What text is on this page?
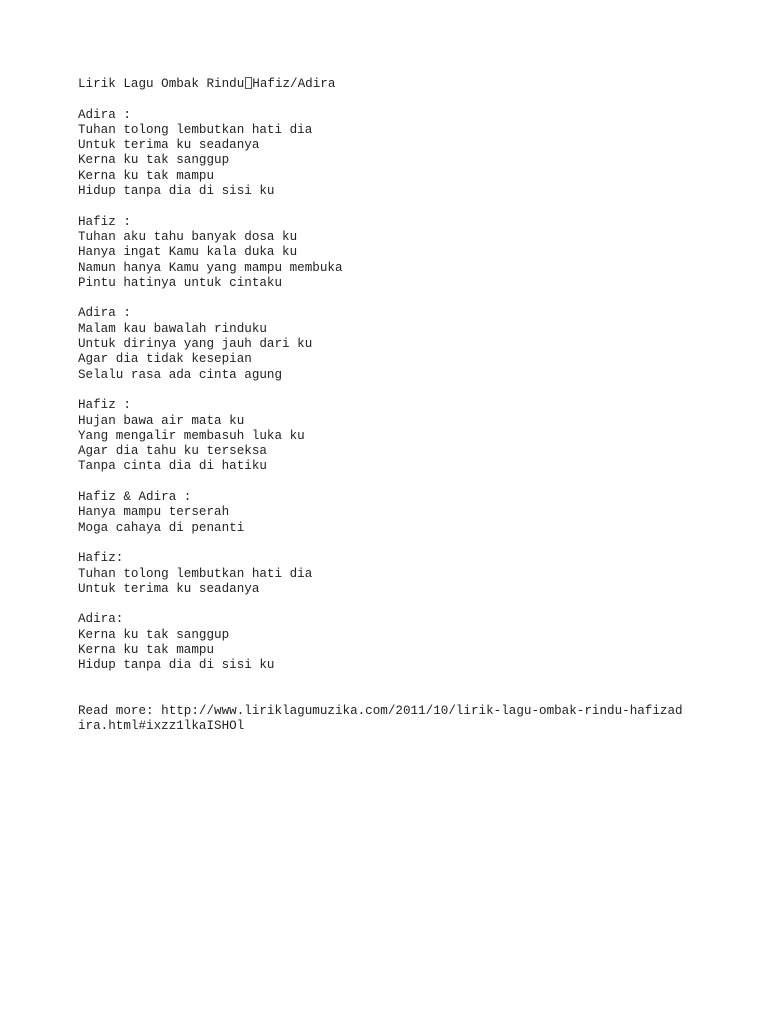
Lirik Lagu Ombak Rindu Hafiz/Adira
Adira :
Tuhan tolong lembutkan hati dia
Untuk terima ku seadanya
Kerna ku tak sanggup
Kerna ku tak mampu
Hidup tanpa dia di sisi ku
Hafiz :
Tuhan aku tahu banyak dosa ku
Hanya ingat Kamu kala duka ku
Namun hanya Kamu yang mampu membuka
Pintu hatinya untuk cintaku
Adira :
Malam kau bawalah rinduku
Untuk dirinya yang jauh dari ku
Agar dia tidak kesepian
Selalu rasa ada cinta agung
Hafiz :
Hujan bawa air mata ku
Yang mengalir membasuh luka ku
Agar dia tahu ku terseksa
Tanpa cinta dia di hatiku
Hafiz & Adira :
Hanya mampu terserah
Moga cahaya di penanti
Hafiz:
Tuhan tolong lembutkan hati dia
Untuk terima ku seadanya
Adira:
Kerna ku tak sanggup
Kerna ku tak mampu
Hidup tanpa dia di sisi ku
Read more: http://www.liriklagumuzika.com/2011/10/lirik-lagu-ombak-rindu-hafizad
ira.html#ixzz1lkaISHOl
